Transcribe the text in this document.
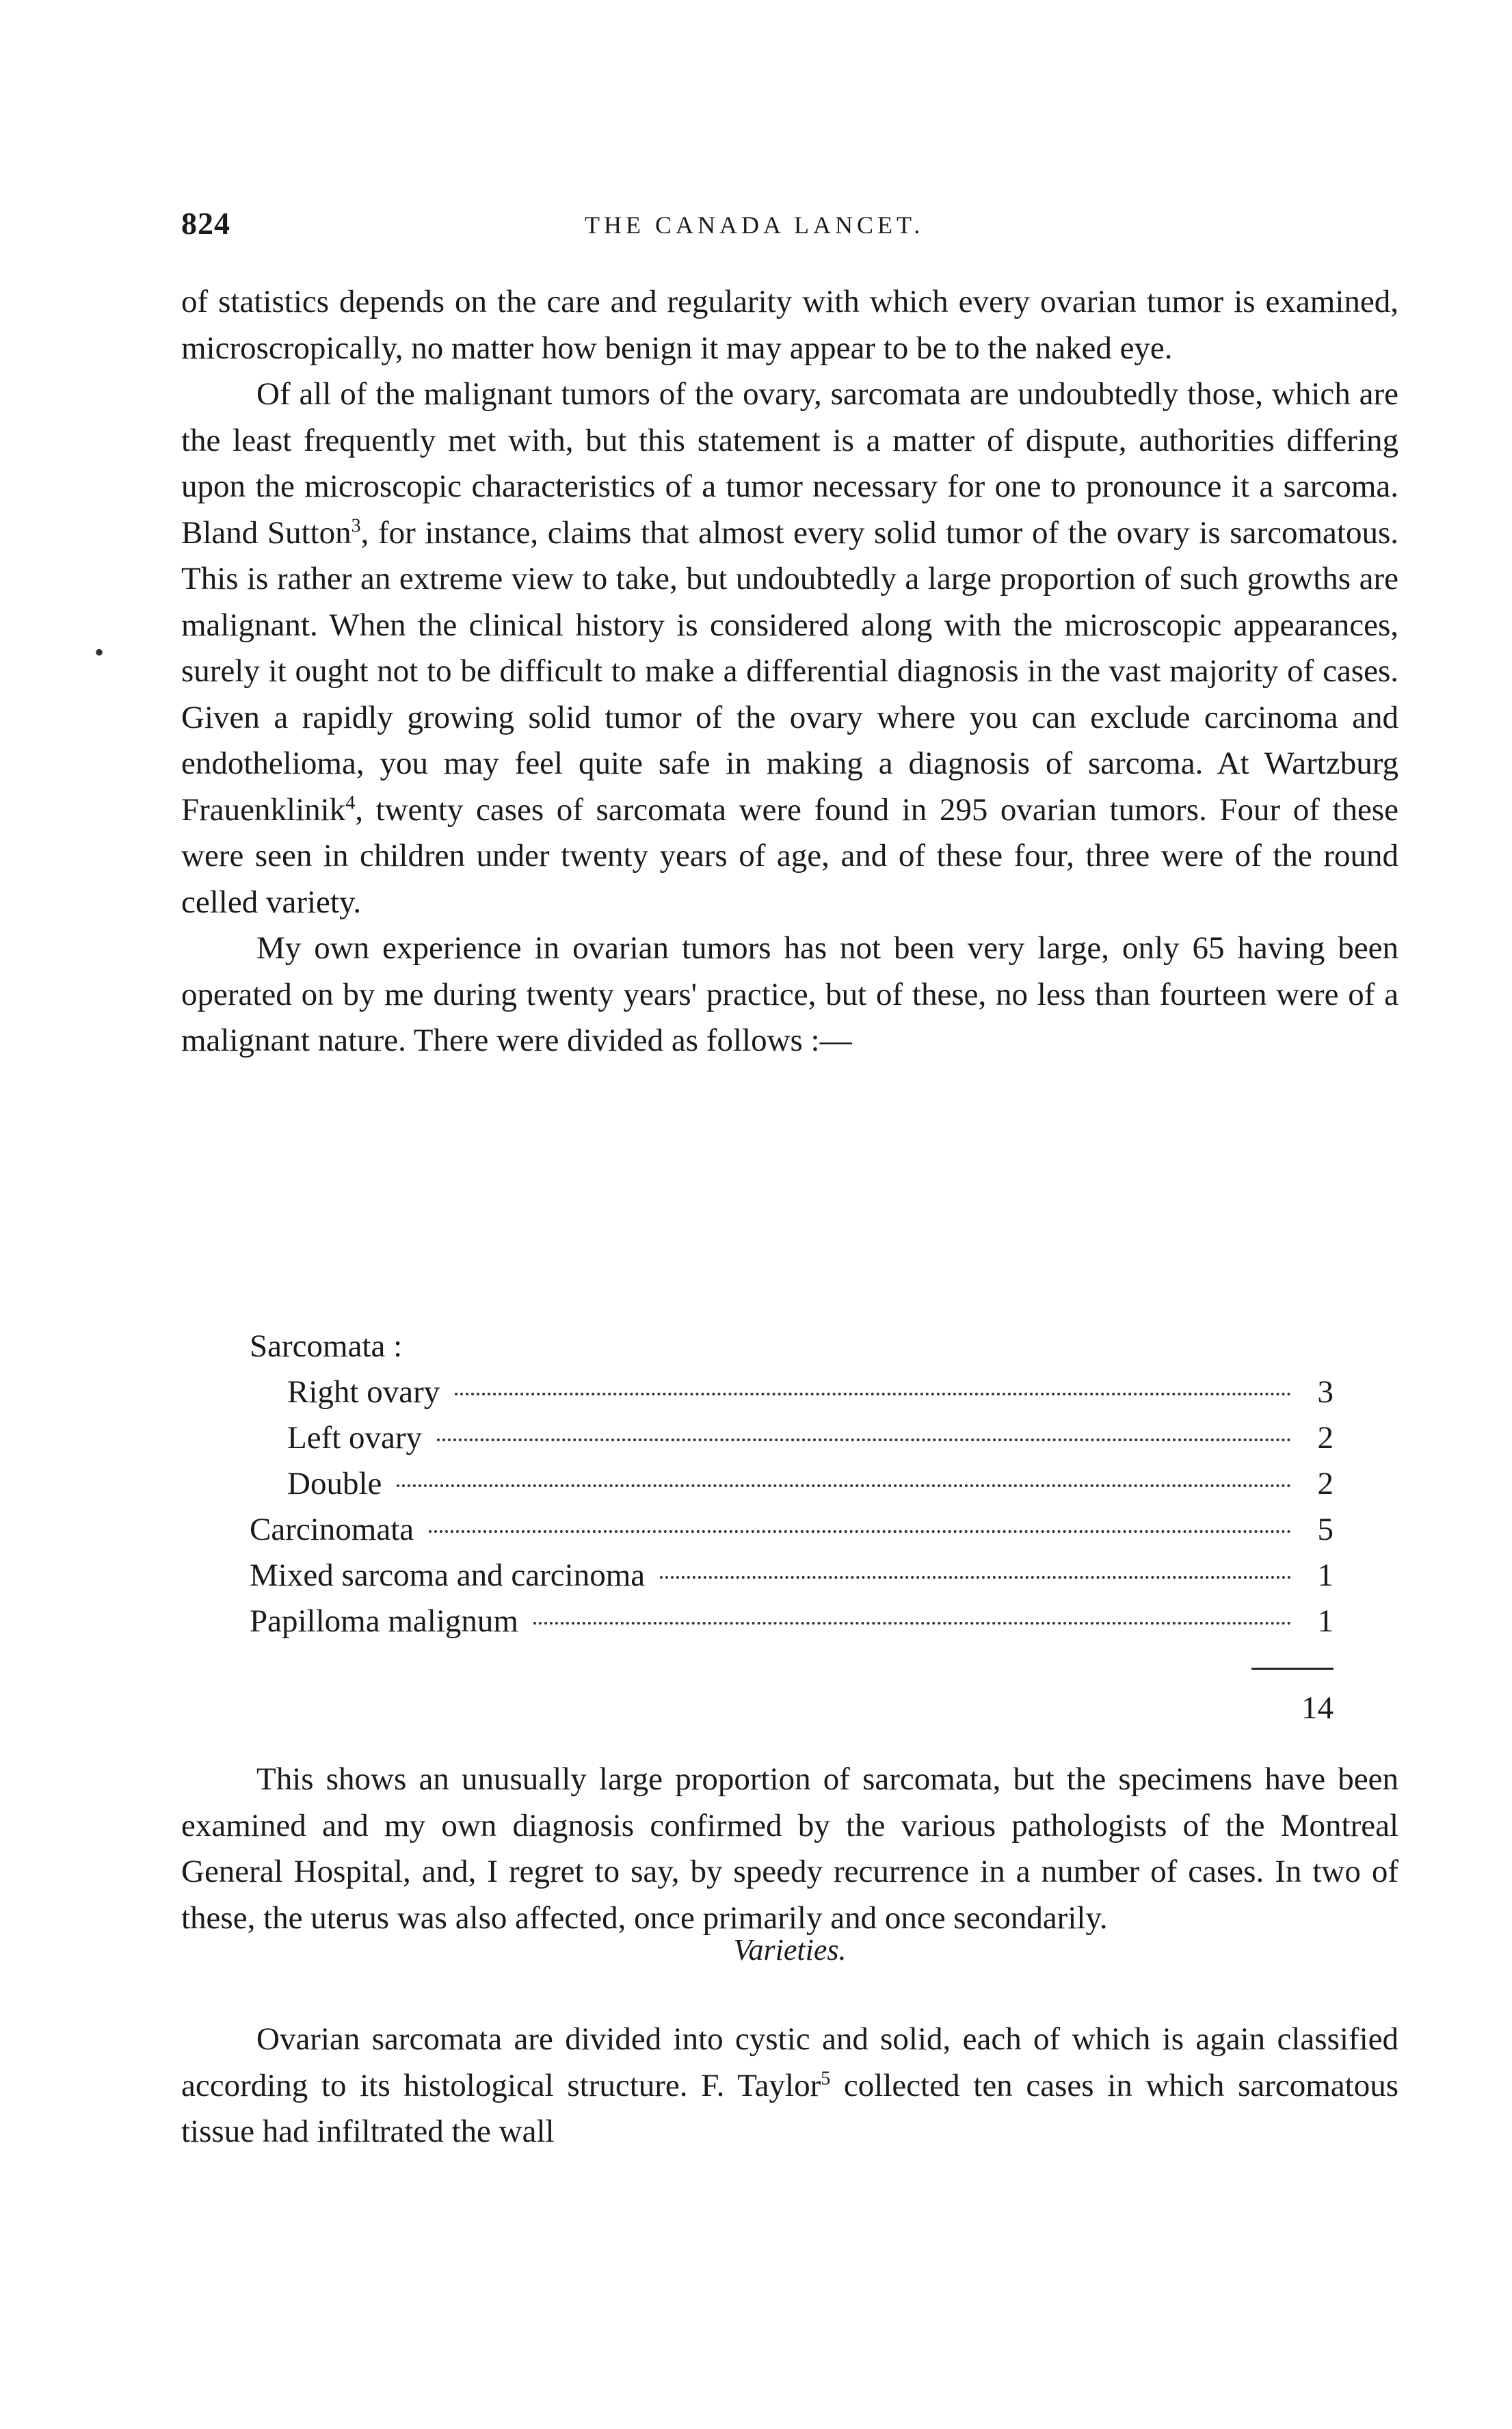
824	THE CANADA LANCET.
•

of statistics depends on the care and regularity with which every ovarian tumor is examined, microscropically, no matter how benign it may appear to be to the naked eye.

Of all of the malignant tumors of the ovary, sarcomata are undoubtedly those, which are the least frequently met with, but this statement is a matter of dispute, authorities differing upon the microscopic characteristics of a tumor necessary for one to pronounce it a sarcoma. Bland Sutton$^3$, for instance, claims that almost every solid tumor of the ovary is sarcomatous. This is rather an extreme view to take, but undoubtedly a large proportion of such growths are malignant. When the clinical history is considered along with the microscopic appearances, surely it ought not to be difficult to make a differential diagnosis in the vast majority of cases. Given a rapidly growing solid tumor of the ovary where you can exclude carcinoma and endothelioma, you may feel quite safe in making a diagnosis of sarcoma. At Wartzburg Frauenklinik$^4$, twenty cases of sarcomata were found in 295 ovarian tumors. Four of these were seen in children under twenty years of age, and of these four, three were of the round celled variety.

My own experience in ovarian tumors has not been very large, only 65 having been operated on by me during twenty years' practice, but of these, no less than fourteen were of a malignant nature. There were divided as follows :—

Sarcomata :
Right ovary	3
Left ovary	2
Double	2
Carcinomata	5
Mixed sarcoma and carcinoma	1
Papilloma malignum	1
14

This shows an unusually large proportion of sarcomata, but the specimens have been examined and my own diagnosis confirmed by the various pathologists of the Montreal General Hospital, and, I regret to say, by speedy recurrence in a number of cases. In two of these, the uterus was also affected, once primarily and once secondarily.

Varieties.

Ovarian sarcomata are divided into cystic and solid, each of which is again classified according to its histological structure. F. Taylor$^5$ collected ten cases in which sarcomatous tissue had infiltrated the wall
